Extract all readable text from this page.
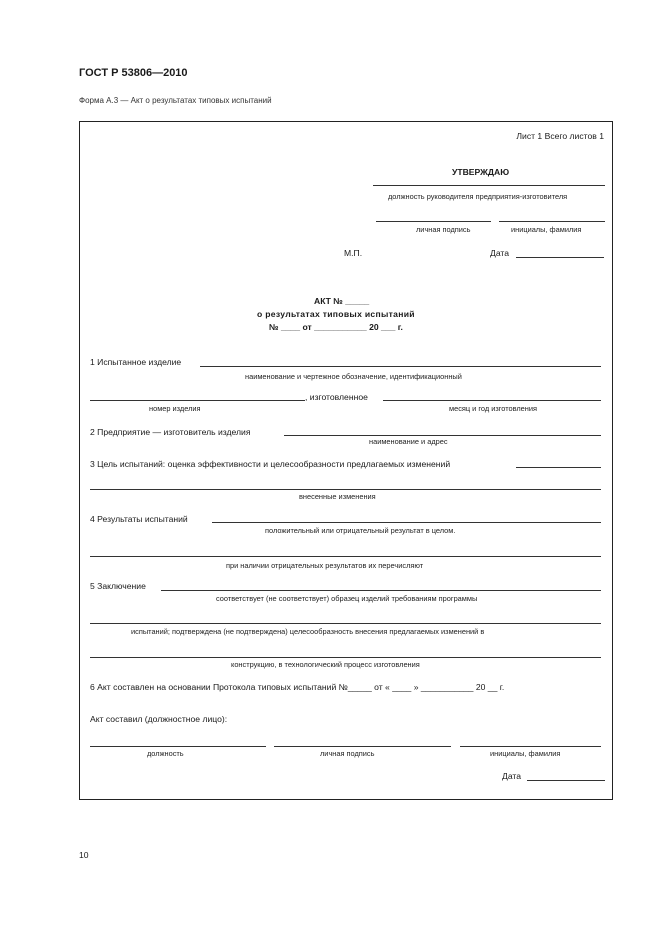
ГОСТ Р 53806—2010
Форма А.3 — Акт о результатах типовых испытаний
Лист 1 Всего листов 1
УТВЕРЖДАЮ
должность руководителя предприятия-изготовителя
личная подпись	инициалы, фамилия
М.П.	Дата
АКТ № _____
о результатах типовых испытаний
№ ____ от ___________ 20 ___ г.
1 Испытанное изделие
наименование и чертежное обозначение, идентификационный
, изготовленное
номер изделия	месяц и год изготовления
2 Предприятие — изготовитель изделия
наименование и адрес
3 Цель испытаний: оценка эффективности и целесообразности предлагаемых изменений
внесенные изменения
4 Результаты испытаний
положительный или отрицательный результат в целом.
при наличии отрицательных результатов их перечисляют
5 Заключение
соответствует (не соответствует) образец изделий требованиям программы
испытаний; подтверждена (не подтверждена) целесообразность внесения предлагаемых изменений в
конструкцию, в технологический процесс изготовления
6 Акт составлен на основании Протокола типовых испытаний №_____ от « ____ » ___________ 20 __ г.
Акт составил (должностное лицо):
должность	личная подпись	инициалы, фамилия
Дата
10
